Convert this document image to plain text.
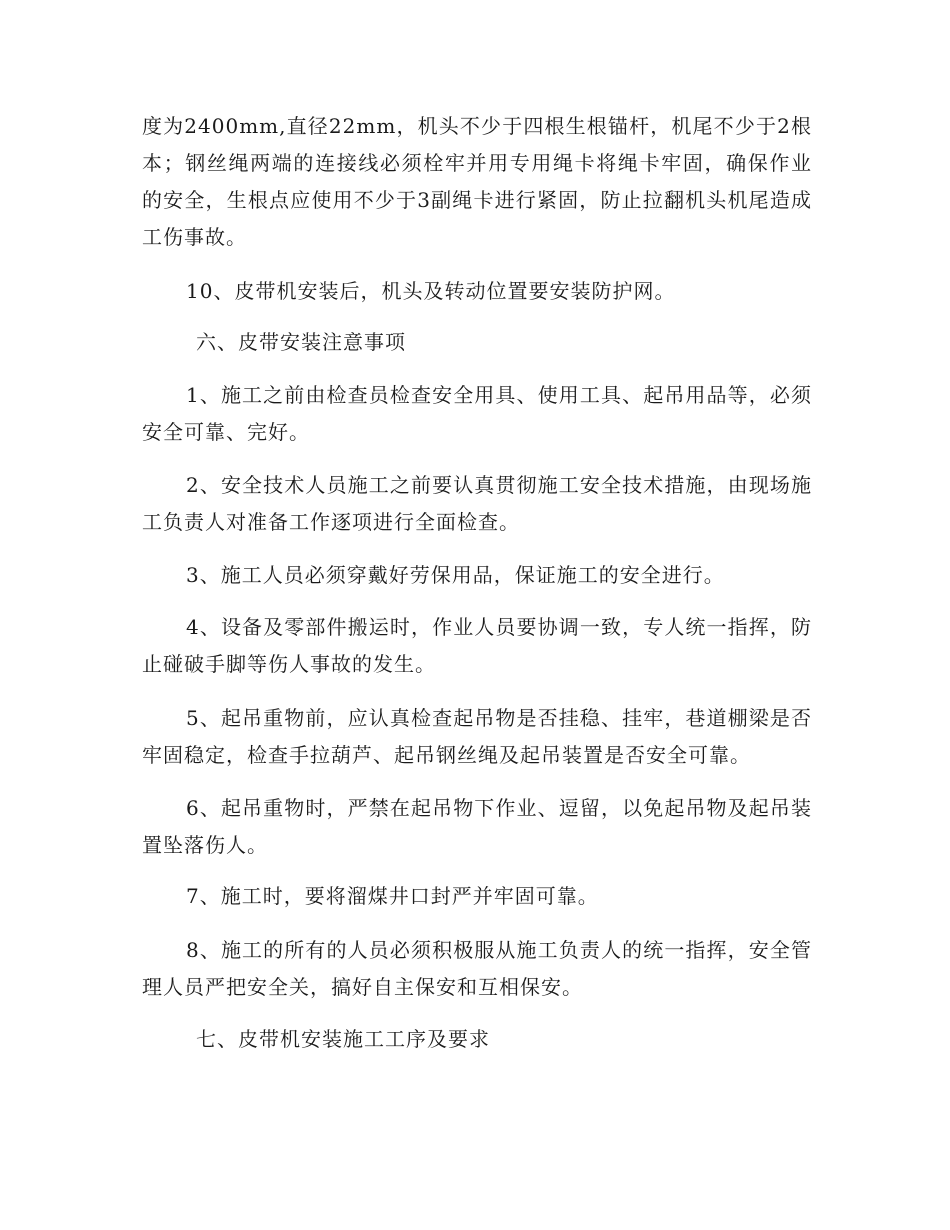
度为2400mm,直径22mm，机头不少于四根生根锚杆，机尾不少于2根本；钢丝绳两端的连接线必须栓牢并用专用绳卡将绳卡牢固，确保作业的安全，生根点应使用不少于3副绳卡进行紧固，防止拉翻机头机尾造成工伤事故。

10、皮带机安装后，机头及转动位置要安装防护网。

六、皮带安装注意事项

1、施工之前由检查员检查安全用具、使用工具、起吊用品等，必须安全可靠、完好。

2、安全技术人员施工之前要认真贯彻施工安全技术措施，由现场施工负责人对准备工作逐项进行全面检查。

3、施工人员必须穿戴好劳保用品，保证施工的安全进行。

4、设备及零部件搬运时，作业人员要协调一致，专人统一指挥，防止碰破手脚等伤人事故的发生。

5、起吊重物前，应认真检查起吊物是否挂稳、挂牢，巷道棚梁是否牢固稳定，检查手拉葫芦、起吊钢丝绳及起吊装置是否安全可靠。

6、起吊重物时，严禁在起吊物下作业、逗留，以免起吊物及起吊装置坠落伤人。

7、施工时，要将溜煤井口封严并牢固可靠。

8、施工的所有的人员必须积极服从施工负责人的统一指挥，安全管理人员严把安全关，搞好自主保安和互相保安。

七、皮带机安装施工工序及要求
